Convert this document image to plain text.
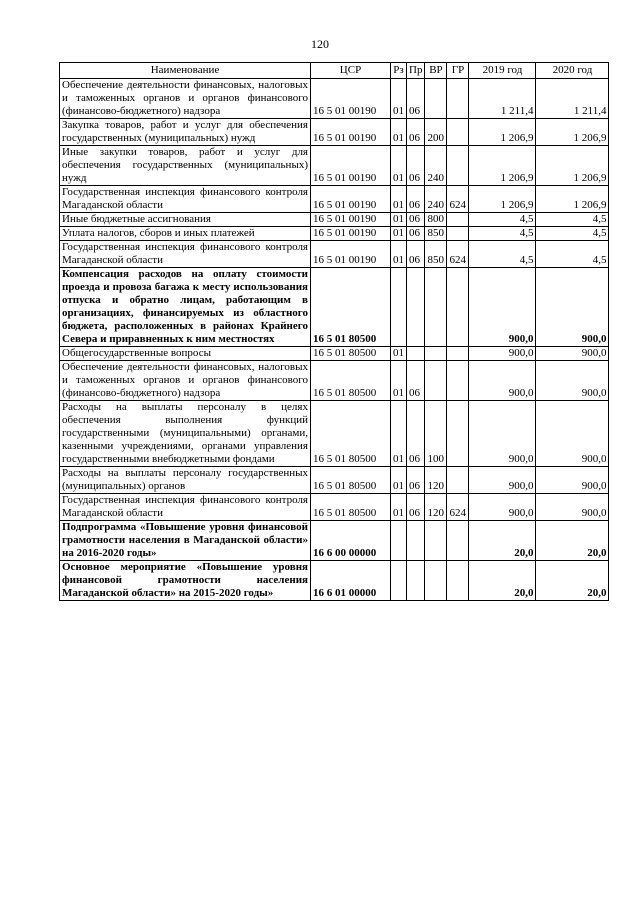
120
Наименование	ЦСР	Рз	Пр	ВР	ГР	2019 год	2020 год
Обеспечение деятельности финансовых, налоговых и таможенных органов и органов финансового (финансово-бюджетного) надзора	16 5 01 00190	01	06			1 211,4	1 211,4
Закупка товаров, работ и услуг для обеспечения государственных (муниципальных) нужд	16 5 01 00190	01	06	200		1 206,9	1 206,9
Иные закупки товаров, работ и услуг для обеспечения государственных (муниципальных) нужд	16 5 01 00190	01	06	240		1 206,9	1 206,9
Государственная инспекция финансового контроля Магаданской области	16 5 01 00190	01	06	240	624	1 206,9	1 206,9
Иные бюджетные ассигнования	16 5 01 00190	01	06	800		4,5	4,5
Уплата налогов, сборов и иных платежей	16 5 01 00190	01	06	850		4,5	4,5
Государственная инспекция финансового контроля Магаданской области	16 5 01 00190	01	06	850	624	4,5	4,5
Компенсация расходов на оплату стоимости проезда и провоза багажа к месту использования отпуска и обратно лицам, работающим в организациях, финансируемых из областного бюджета, расположенных в районах Крайнего Севера и приравненных к ним местностях	16 5 01 80500					900,0	900,0
Общегосударственные вопросы	16 5 01 80500	01				900,0	900,0
Обеспечение деятельности финансовых, налоговых и таможенных органов и органов финансового (финансово-бюджетного) надзора	16 5 01 80500	01	06			900,0	900,0
Расходы на выплаты персоналу в целях обеспечения выполнения функций государственными (муниципальными) органами, казенными учреждениями, органами управления государственными внебюджетными фондами	16 5 01 80500	01	06	100		900,0	900,0
Расходы на выплаты персоналу государственных (муниципальных) органов	16 5 01 80500	01	06	120		900,0	900,0
Государственная инспекция финансового контроля Магаданской области	16 5 01 80500	01	06	120	624	900,0	900,0
Подпрограмма «Повышение уровня финансовой грамотности населения в Магаданской области» на 2016-2020 годы»	16 6 00 00000					20,0	20,0
Основное мероприятие «Повышение уровня финансовой грамотности населения Магаданской области» на 2015-2020 годы»	16 6 01 00000					20,0	20,0
